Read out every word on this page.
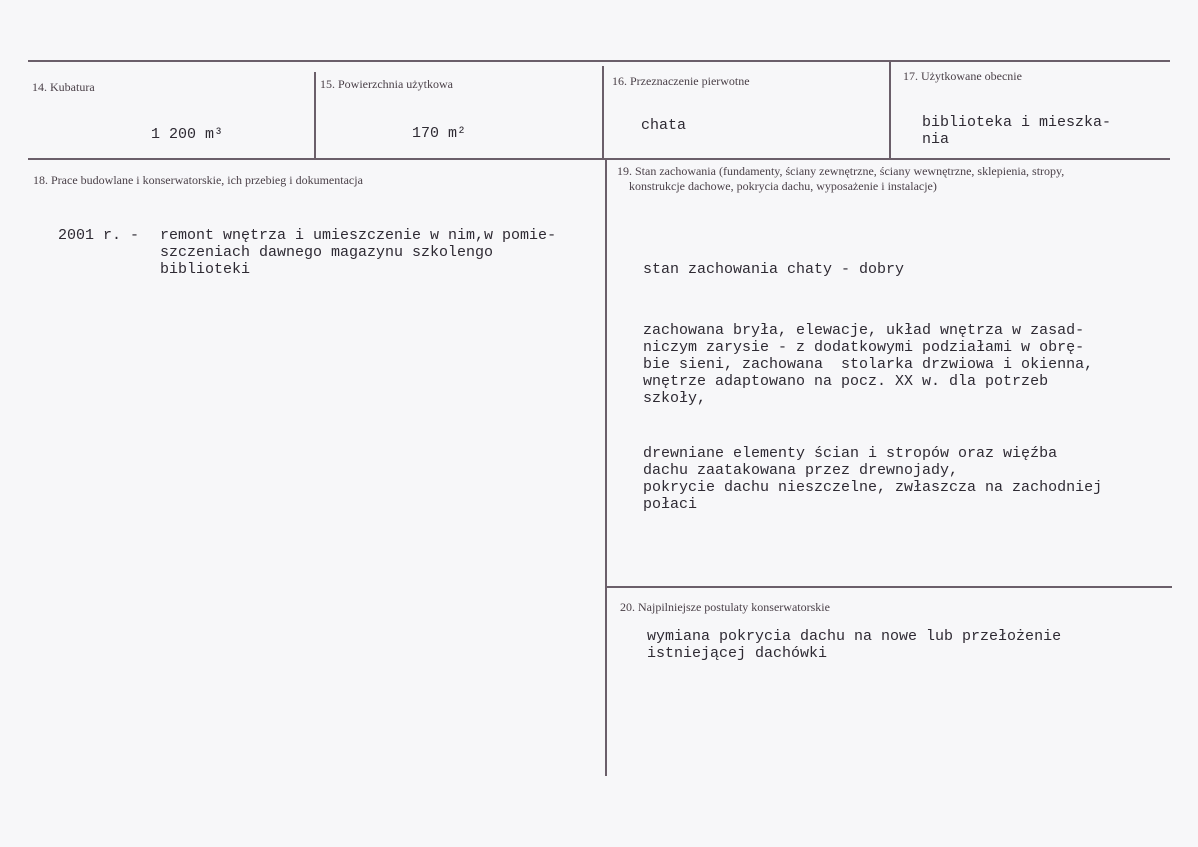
14. Kubatura
1 200 m³
15. Powierzchnia użytkowa
170 m²
16. Przeznaczenie pierwotne
chata
17. Użytkowane obecnie
biblioteka i mieszka-
nia
18. Prace budowlane i konserwatorskie, ich przebieg i dokumentacja
2001 r. - remont wnętrza i umieszczenie w nim,w pomie-
szczeniach dawnego magazynu szkolengo
biblioteki
19. Stan zachowania (fundamenty, ściany zewnętrzne, ściany wewnętrzne, sklepienia, stropy,
konstrukcje dachowe, pokrycia dachu, wyposażenie i instalacje)

stan zachowania chaty - dobry

zachowana bryła, elewacje, układ wnętrza w zasad-
niczym zarysie - z dodatkowymi podziałami w obrę-
bie sieni, zachowana  stolarka drzwiowa i okienna,
wnętrze adaptowano na pocz. XX w. dla potrzeb
szkoły,

drewniane elementy ścian i stropów oraz więźba
dachu zaatakowana przez drewnojady,
pokrycie dachu nieszczelne, zwłaszcza na zachodniej
połaci

20. Najpilniejsze postulaty konserwatorskie
wymiana pokrycia dachu na nowe lub przełożenie
istniejącej dachówki
